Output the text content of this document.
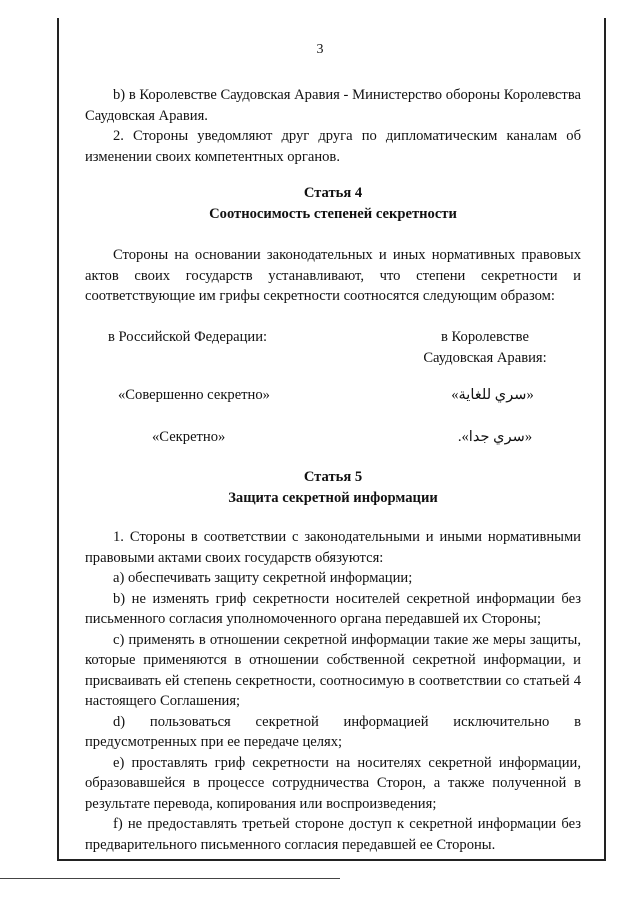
3

b) в Королевстве Саудовская Аравия - Министерство обороны Королевства Саудовская Аравия.

2. Стороны уведомляют друг друга по дипломатическим каналам об изменении своих компетентных органов.

Статья 4

Соотносимость степеней секретности

Стороны на основании законодательных и иных нормативных правовых актов своих государств устанавливают, что степени секретности и соответствующие им грифы секретности соотносятся следующим образом:

в Российской Федерации:	в Королевстве
Саудовская Аравия:
«Совершенно секретно»	«سري للغاية»
«Секретно»	«سري جدا».

Статья 5

Защита секретной информации

1. Стороны в соответствии с законодательными и иными нормативными правовыми актами своих государств обязуются:

а) обеспечивать защиту секретной информации;

b) не изменять гриф секретности носителей секретной информации без письменного согласия уполномоченного органа передавшей их Стороны;

c) применять в отношении секретной информации такие же меры защиты, которые применяются в отношении собственной секретной информации, и присваивать ей степень секретности, соотносимую в соответствии со статьей 4 настоящего Соглашения;

d) пользоваться секретной информацией исключительно в предусмотренных при ее передаче целях;

е) проставлять гриф секретности на носителях секретной информации, образовавшейся в процессе сотрудничества Сторон, а также полученной в результате перевода, копирования или воспроизведения;

f) не предоставлять третьей стороне доступ к секретной информации без предварительного письменного согласия передавшей ее Стороны.
